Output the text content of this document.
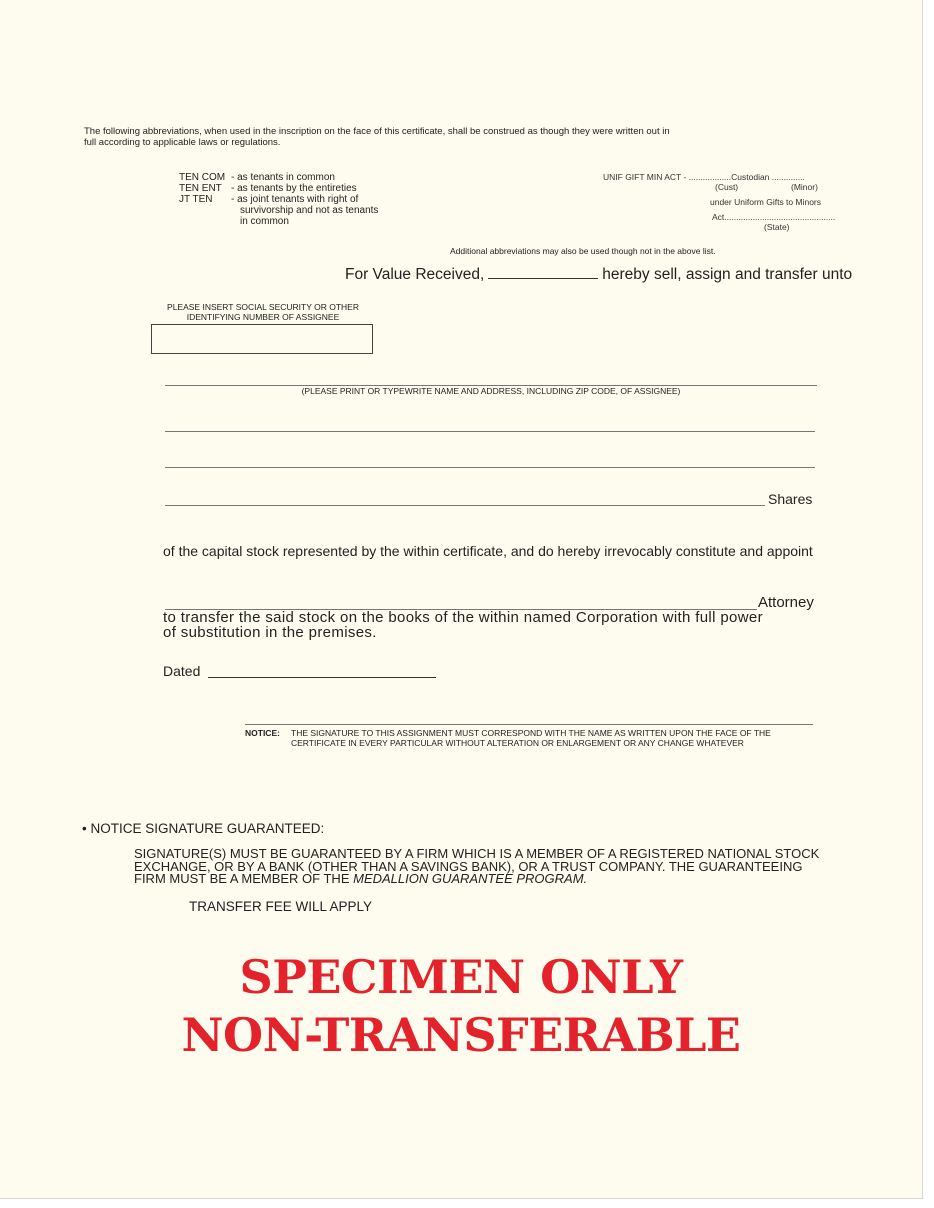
The following abbreviations, when used in the inscription on the face of this certificate, shall be construed as though they were written out in
full according to applicable laws or regulations.
TEN COM - as tenants in common
TEN ENT - as tenants by the entireties
JT TEN	- as joint tenants with right of
survivorship and not as tenants
in common
UNIF GIFT MIN ACT - ..................Custodian ..............
(Cust)	(Minor)
under Uniform Gifts to Minors
Act...............................................
(State)
Additional abbreviations may also be used though not in the above list.
For Value Received,	hereby sell, assign and transfer unto
PLEASE INSERT SOCIAL SECURITY OR OTHER
IDENTIFYING NUMBER OF ASSIGNEE
(PLEASE PRINT OR TYPEWRITE NAME AND ADDRESS, INCLUDING ZIP CODE, OF ASSIGNEE)
Shares
of the capital stock represented by the within certificate, and do hereby irrevocably constitute and appoint
Attorney
to transfer the said stock on the books of the within named Corporation with full power
of substitution in the premises.
Dated
NOTICE: THE SIGNATURE TO THIS ASSIGNMENT MUST CORRESPOND WITH THE NAME AS WRITTEN UPON THE FACE OF THE
CERTIFICATE IN EVERY PARTICULAR WITHOUT ALTERATION OR ENLARGEMENT OR ANY CHANGE WHATEVER
• NOTICE SIGNATURE GUARANTEED:
SIGNATURE(S) MUST BE GUARANTEED BY A FIRM WHICH IS A MEMBER OF A REGISTERED NATIONAL STOCK
EXCHANGE, OR BY A BANK (OTHER THAN A SAVINGS BANK), OR A TRUST COMPANY. THE GUARANTEEING
FIRM MUST BE A MEMBER OF THE MEDALLION GUARANTEE PROGRAM.
TRANSFER FEE WILL APPLY
SPECIMEN ONLY
NON-TRANSFERABLE
